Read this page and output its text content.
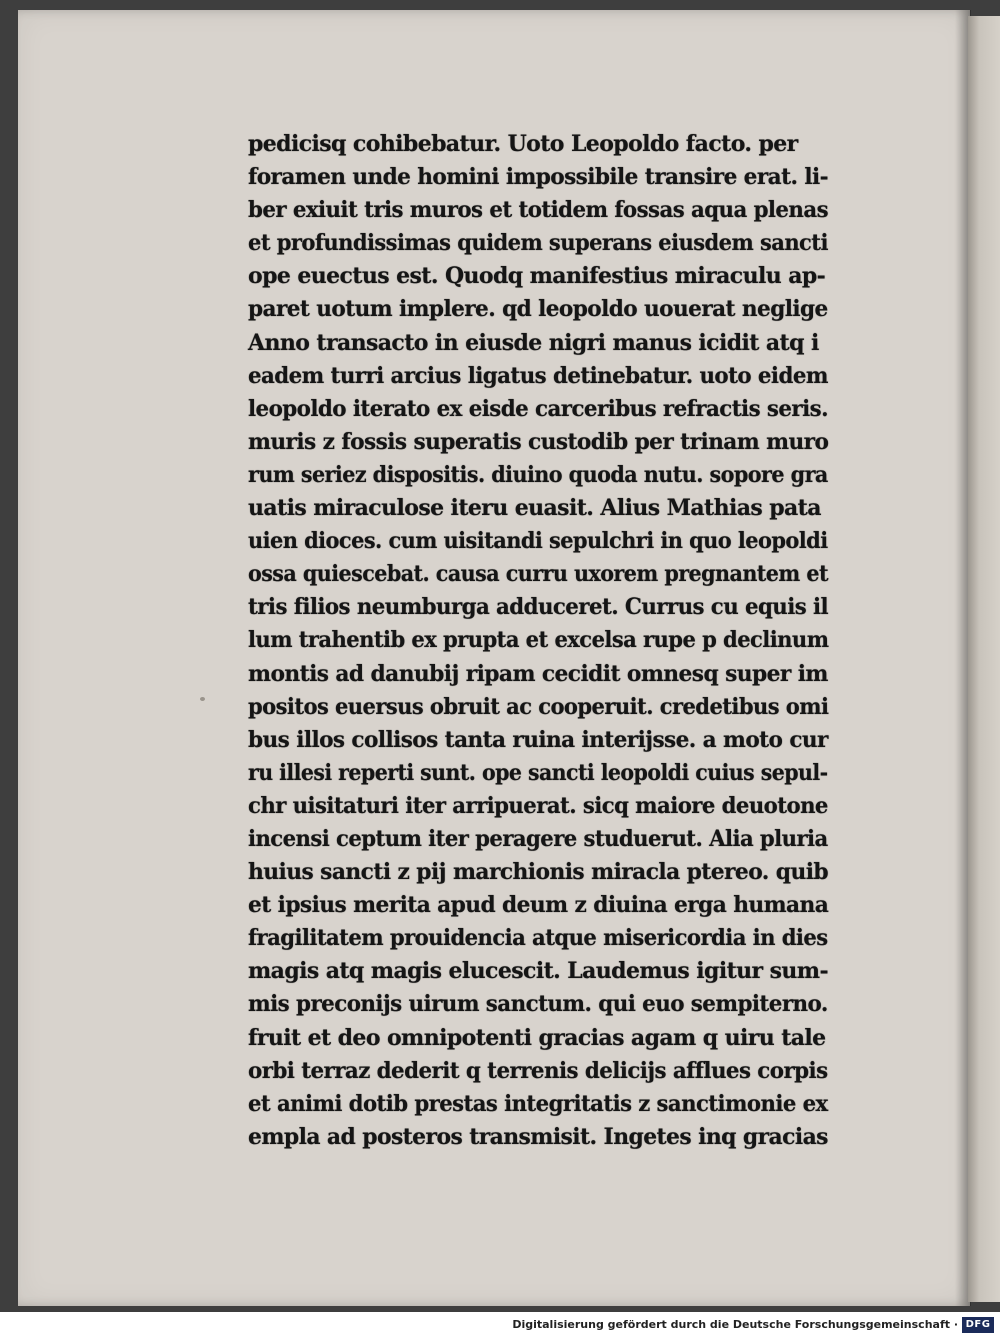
pedicisq cohibebatur. Uoto Leopoldo facto. per
foramen unde homini impossibile transire erat. li-
ber exiuit tris muros et totidem fossas aqua plenas
et profundissimas quidem superans eiusdem sancti
ope euectus est. Quodq manifestius miraculu ap-
paret uotum implere. qd leopoldo uouerat neglige
Anno transacto in eiusde nigri manus icidit atq i
eadem turri arcius ligatus detinebatur. uoto eidem
leopoldo iterato ex eisde carceribus refractis seris.
muris z fossis superatis custodib per trinam muro
rum seriez dispositis. diuino quoda nutu. sopore gra
uatis miraculose iteru euasit. Alius Mathias pata
uien dioces. cum uisitandi sepulchri in quo leopoldi
ossa quiescebat. causa curru uxorem pregnantem et
tris filios neumburga adduceret. Currus cu equis il
lum trahentib ex prupta et excelsa rupe p declinum
montis ad danubij ripam cecidit omnesq super im
positos euersus obruit ac cooperuit. credetibus omi
bus illos collisos tanta ruina interijsse. a moto cur
ru illesi reperti sunt. ope sancti leopoldi cuius sepul-
chr uisitaturi iter arripuerat. sicq maiore deuotone
incensi ceptum iter peragere studuerut. Alia pluria
huius sancti z pij marchionis miracla ptereo. quib
et ipsius merita apud deum z diuina erga humana
fragilitatem prouidencia atque misericordia in dies
magis atq magis elucescit. Laudemus igitur sum-
mis preconijs uirum sanctum. qui euo sempiterno.
fruit et deo omnipotenti gracias agam q uiru tale
orbi terraz dederit q terrenis delicijs afflues corpis
et animi dotib prestas integritatis z sanctimonie ex
empla ad posteros transmisit. Ingetes inq gracias
Digitalisierung gefördert durch die Deutsche Forschungsgemeinschaft · DFG
